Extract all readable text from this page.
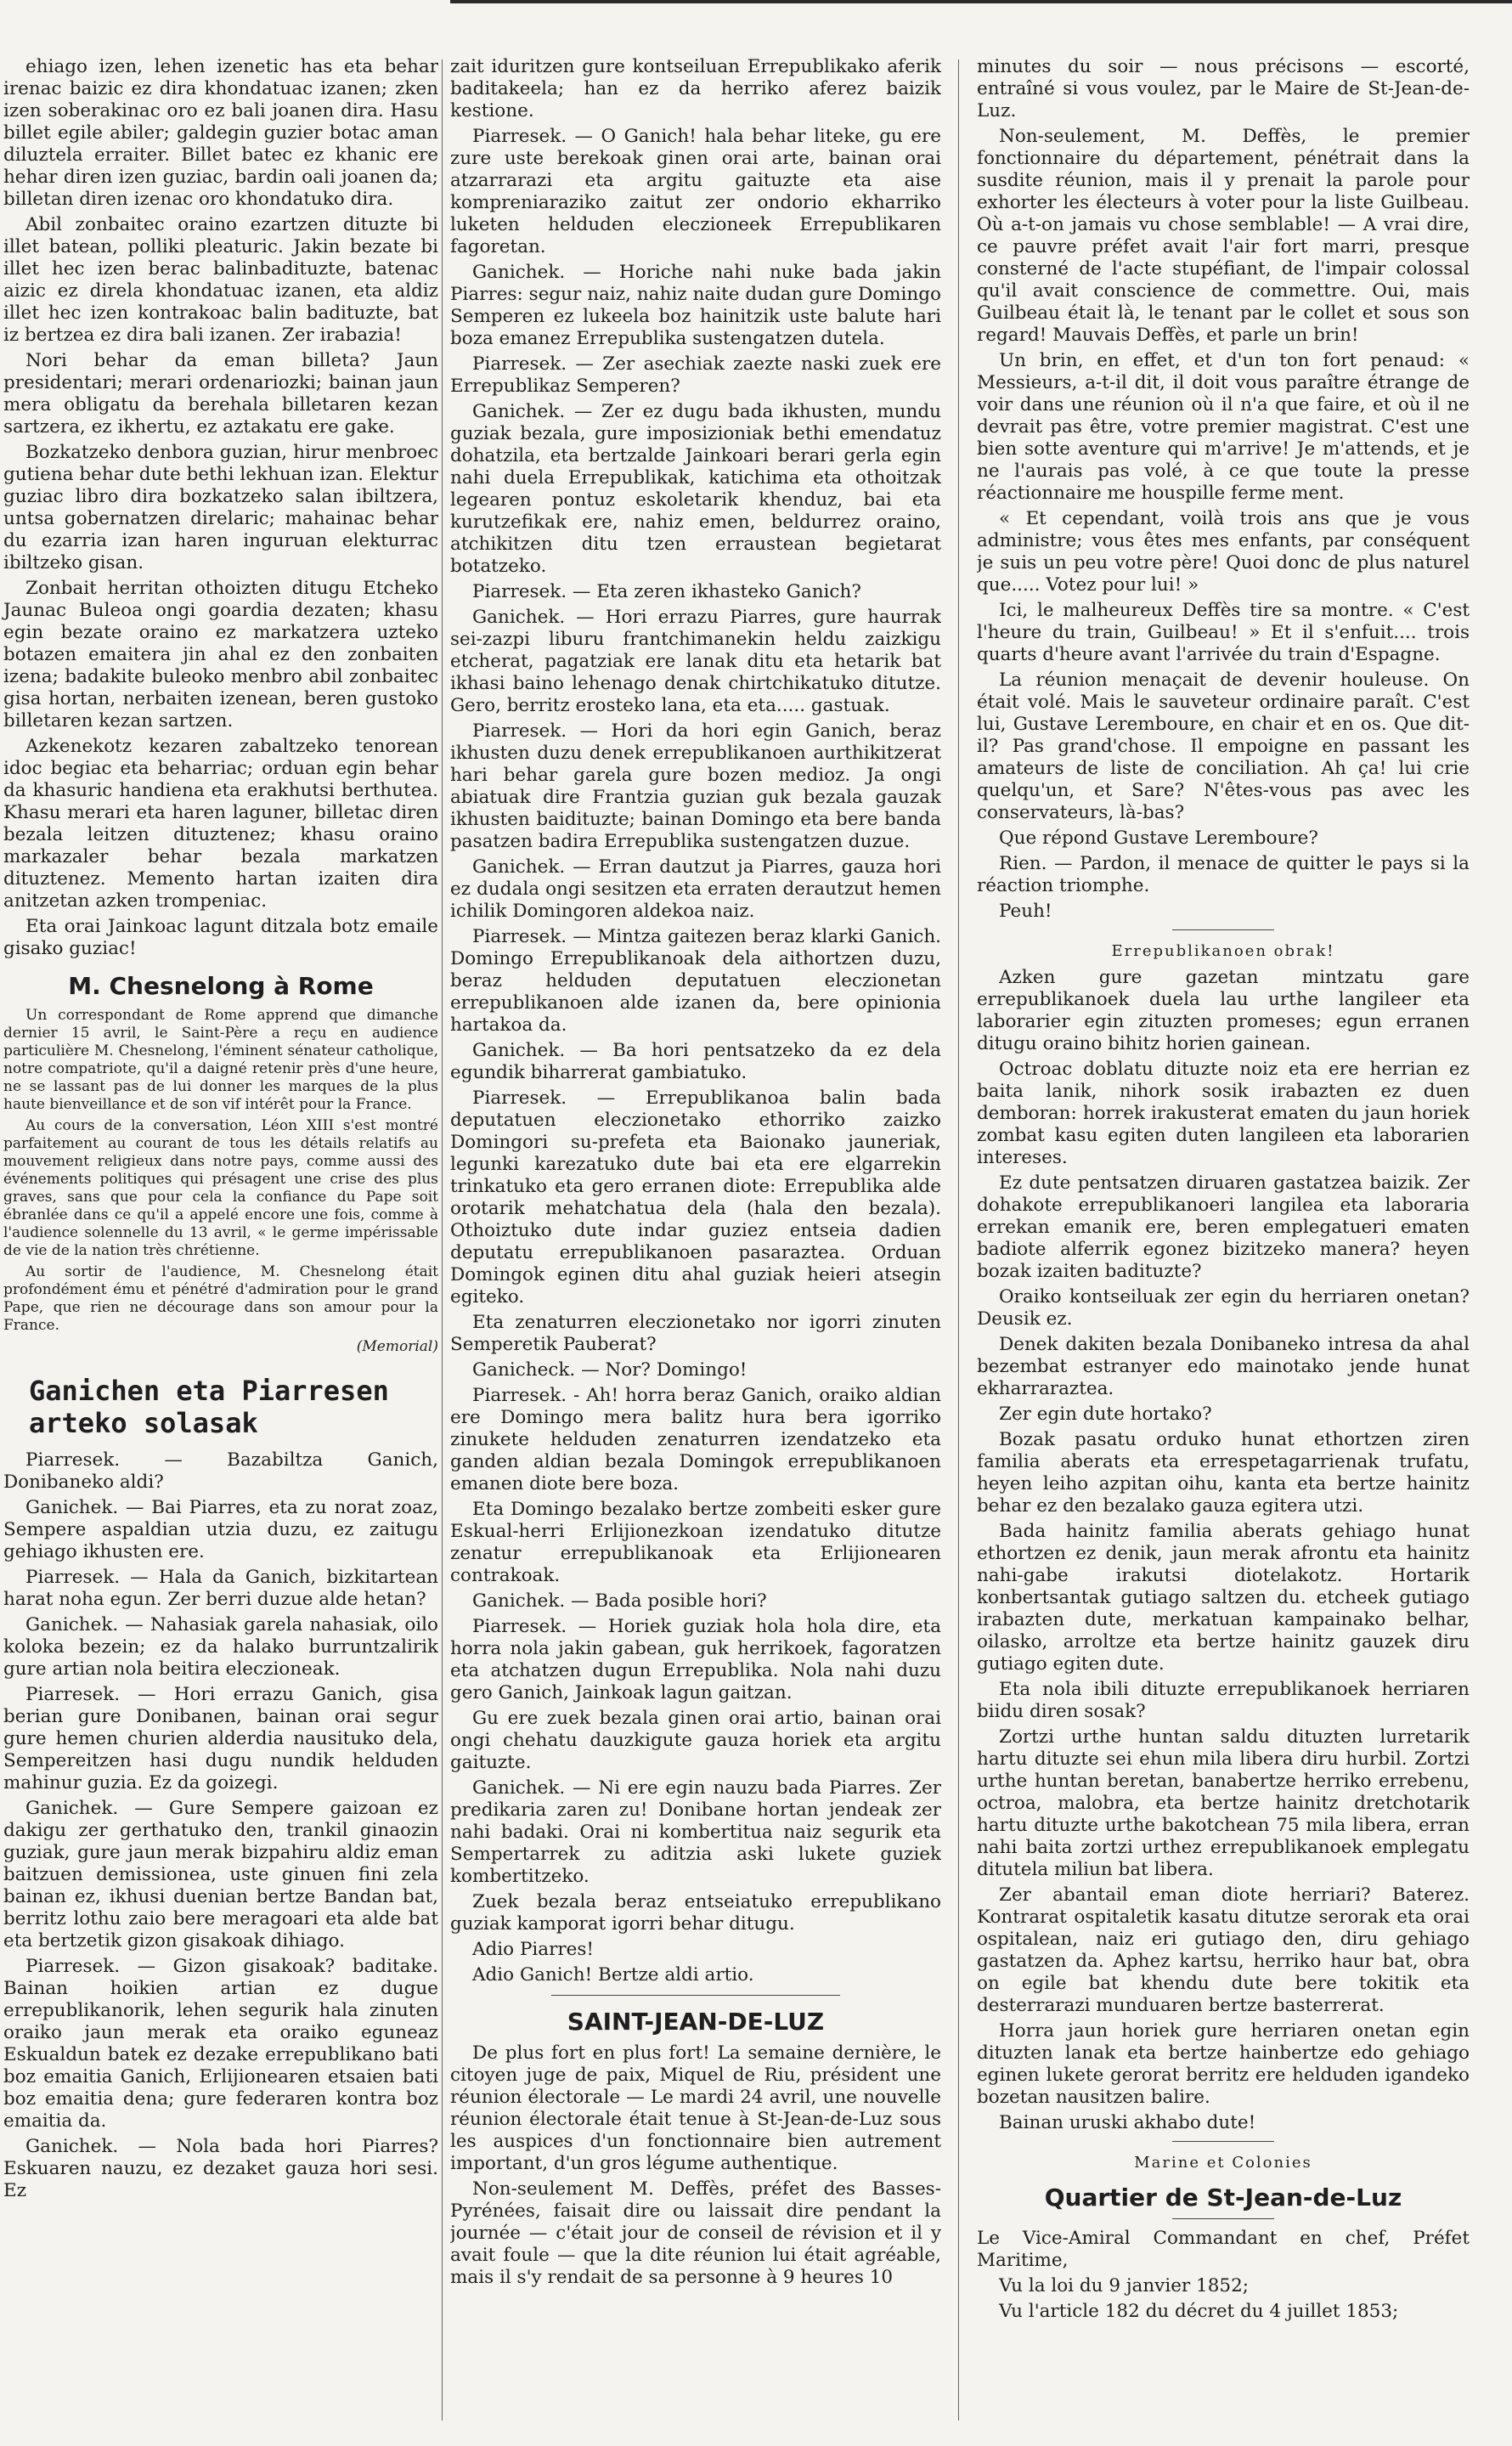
ehiago izen, lehen izenetic has eta behar irenac baizic ez dira khondatuac izanen; zken izen soberakinac oro ez bali joanen dira. Hasu billet egile abiler; galdegin guzier botac aman diluztela erraiter. Billet batec ez khanic ere hehar diren izen guziac, bardin oali joanen da; billetan diren izenac oro khondatuko dira.

Abil zonbaitec oraino ezartzen dituzte bi illet batean, polliki pleaturic. Jakin bezate bi illet hec izen berac balinbadituzte, batenac aizic ez direla khondatuac izanen, eta aldiz illet hec izen kontrakoac balin badituzte, bat iz bertzea ez dira bali izanen. Zer irabazia!

Nori behar da eman billeta? Jaun presidentari; merari ordenariozki; bainan jaun mera obligatu da berehala billetaren kezan sartzera, ez ikhertu, ez aztakatu ere gake.

Bozkatzeko denbora guzian, hirur menbroec gutiena behar dute bethi lekhuan izan. Elektur guziac libro dira bozkatzeko salan ibiltzera, untsa gobernatzen direlaric; mahainac behar du ezarria izan haren inguruan elekturrac ibiltzeko gisan.

Zonbait herritan othoizten ditugu Etcheko Jaunac Buleoa ongi goardia dezaten; khasu egin bezate oraino ez markatzera uzteko botazen emaitera jin ahal ez den zonbaiten izena; badakite buleoko menbro abil zonbaitec gisa hortan, nerbaiten izenean, beren gustoko billetaren kezan sartzen.

Azkenekotz kezaren zabaltzeko tenorean idoc begiac eta beharriac; orduan egin behar da khasuric handiena eta erakhutsi berthutea. Khasu merari eta haren laguner, billetac diren bezala leitzen dituztenez; khasu oraino markazaler behar bezala markatzen dituztenez. Memento hartan izaiten dira anitzetan azken trompeniac.

Eta orai Jainkoac lagunt ditzala botz emaile gisako guziac!

M. Chesnelong à Rome

Un correspondant de Rome apprend que dimanche dernier 15 avril, le Saint-Père a reçu en audience particulière M. Chesnelong, l'éminent sénateur catholique, notre compatriote, qu'il a daigné retenir près d'une heure, ne se lassant pas de lui donner les marques de la plus haute bienveillance et de son vif intérêt pour la France.

Au cours de la conversation, Léon XIII s'est montré parfaitement au courant de tous les détails relatifs au mouvement religieux dans notre pays, comme aussi des événements politiques qui présagent une crise des plus graves, sans que pour cela la confiance du Pape soit ébranlée dans ce qu'il a appelé encore une fois, comme à l'audience solennelle du 13 avril, « le germe impérissable de vie de la nation très chrétienne.

Au sortir de l'audience, M. Chesnelong était profondément ému et pénétré d'admiration pour le grand Pape, que rien ne décourage dans son amour pour la France.

(Memorial)

Ganichen eta Piarresen arteko solasak

Piarresek. — Bazabiltza Ganich, Donibaneko aldi?

Ganichek. — Bai Piarres, eta zu norat zoaz, Sempere aspaldian utzia duzu, ez zaitugu gehiago ikhusten ere.

Piarresek. — Hala da Ganich, bizkitartean harat noha egun. Zer berri duzue alde hetan?

Ganichek. — Nahasiak garela nahasiak, oilo koloka bezein; ez da halako burruntzalirik gure artian nola beitira eleczioneak.

Piarresek. — Hori errazu Ganich, gisa berian gure Donibanen, bainan orai segur gure hemen churien alderdia nausituko dela, Sempereitzen hasi dugu nundik helduden mahinur guzia. Ez da goizegi.

Ganichek. — Gure Sempere gaizoan ez dakigu zer gerthatuko den, trankil ginaozin guziak, gure jaun merak bizpahiru aldiz eman baitzuen demissionea, uste ginuen fini zela bainan ez, ikhusi duenian bertze Bandan bat, berritz lothu zaio bere meragoari eta alde bat eta bertzetik gizon gisakoak dihiago.

Piarresek. — Gizon gisakoak? baditake. Bainan hoikien artian ez dugue errepublikanorik, lehen segurik hala zinuten oraiko jaun merak eta oraiko eguneaz Eskualdun batek ez dezake errepublikano bati boz emaitia Ganich, Erlijionearen etsaien bati boz emaitia dena; gure federaren kontra boz emaitia da.

Ganichek. — Nola bada hori Piarres? Eskuaren nauzu, ez dezaket gauza hori sesi. Ez

zait iduritzen gure kontseiluan Errepublikako aferik baditakeela; han ez da herriko aferez baizik kestione.

Piarresek. — O Ganich! hala behar liteke, gu ere zure uste berekoak ginen orai arte, bainan orai atzarrarazi eta argitu gaituzte eta aise kompreniaraziko zaitut zer ondorio ekharriko luketen helduden eleczioneek Errepublikaren fagoretan.

Ganichek. — Horiche nahi nuke bada jakin Piarres: segur naiz, nahiz naite dudan gure Domingo Semperen ez lukeela boz hainitzik uste balute hari boza emanez Errepublika sustengatzen dutela.

Piarresek. — Zer asechiak zaezte naski zuek ere Errepublikaz Semperen?

Ganichek. — Zer ez dugu bada ikhusten, mundu guziak bezala, gure imposizioniak bethi emendatuz dohatzila, eta bertzalde Jainkoari berari gerla egin nahi duela Errepublikak, katichima eta othoitzak legearen pontuz eskoletarik khenduz, bai eta kurutzefikak ere, nahiz emen, beldurrez oraino, atchikitzen ditu tzen erraustean begietarat botatzeko.

Piarresek. — Eta zeren ikhasteko Ganich?

Ganichek. — Hori errazu Piarres, gure haurrak sei-zazpi liburu frantchimanekin heldu zaizkigu etcherat, pagatziak ere lanak ditu eta hetarik bat ikhasi baino lehenago denak chirtchikatuko ditutze. Gero, berritz erosteko lana, eta eta..... gastuak.

Piarresek. — Hori da hori egin Ganich, beraz ikhusten duzu denek errepublikanoen aurthikitzerat hari behar garela gure bozen medioz. Ja ongi abiatuak dire Frantzia guzian guk bezala gauzak ikhusten baidituzte; bainan Domingo eta bere banda pasatzen badira Errepublika sustengatzen duzue.

Ganichek. — Erran dautzut ja Piarres, gauza hori ez dudala ongi sesitzen eta erraten derautzut hemen ichilik Domingoren aldekoa naiz.

Piarresek. — Mintza gaitezen beraz klarki Ganich. Domingo Errepublikanoak dela aithortzen duzu, beraz helduden deputatuen eleczionetan errepublikanoen alde izanen da, bere opinionia hartakoa da.

Ganichek. — Ba hori pentsatzeko da ez dela egundik biharrerat gambiatuko.

Piarresek. — Errepublikanoa balin bada deputatuen eleczionetako ethorriko zaizko Domingori su-prefeta eta Baionako jauneriak, legunki karezatuko dute bai eta ere elgarrekin trinkatuko eta gero erranen diote: Errepublika alde orotarik mehatchatua dela (hala den bezala). Othoiztuko dute indar guziez entseia dadien deputatu errepublikanoen pasaraztea. Orduan Domingok eginen ditu ahal guziak heieri atsegin egiteko.

Eta zenaturren eleczionetako nor igorri zinuten Semperetik Pauberat?

Ganicheck. — Nor? Domingo!

Piarresek. - Ah! horra beraz Ganich, oraiko aldian ere Domingo mera balitz hura bera igorriko zinukete helduden zenaturren izendatzeko eta ganden aldian bezala Domingok errepublikanoen emanen diote bere boza.

Eta Domingo bezalako bertze zombeiti esker gure Eskual-herri Erlijionezkoan izendatuko ditutze zenatur errepublikanoak eta Erlijionearen contrakoak.

Ganichek. — Bada posible hori?

Piarresek. — Horiek guziak hola hola dire, eta horra nola jakin gabean, guk herrikoek, fagoratzen eta atchatzen dugun Errepublika. Nola nahi duzu gero Ganich, Jainkoak lagun gaitzan.

Gu ere zuek bezala ginen orai artio, bainan orai ongi chehatu dauzkigute gauza horiek eta argitu gaituzte.

Ganichek. — Ni ere egin nauzu bada Piarres. Zer predikaria zaren zu! Donibane hortan jendeak zer nahi badaki. Orai ni kombertitua naiz segurik eta Sempertarrek zu aditzia aski lukete guziek kombertitzeko.

Zuek bezala beraz entseiatuko errepublikano guziak kamporat igorri behar ditugu.

Adio Piarres!

Adio Ganich! Bertze aldi artio.

SAINT-JEAN-DE-LUZ

De plus fort en plus fort! La semaine dernière, le citoyen juge de paix, Miquel de Riu, président une réunion électorale — Le mardi 24 avril, une nouvelle réunion électorale était tenue à St-Jean-de-Luz sous les auspices d'un fonctionnaire bien autrement important, d'un gros légume authentique.

Non-seulement M. Deffès, préfet des Basses-Pyrénées, faisait dire ou laissait dire pendant la journée — c'était jour de conseil de révision et il y avait foule — que la dite réunion lui était agréable, mais il s'y rendait de sa personne à 9 heures 10

minutes du soir — nous précisons — escorté, entraîné si vous voulez, par le Maire de St-Jean-de-Luz.

Non-seulement, M. Deffès, le premier fonctionnaire du département, pénétrait dans la susdite réunion, mais il y prenait la parole pour exhorter les électeurs à voter pour la liste Guilbeau. Où a-t-on jamais vu chose semblable! — A vrai dire, ce pauvre préfet avait l'air fort marri, presque consterné de l'acte stupéfiant, de l'impair colossal qu'il avait conscience de commettre. Oui, mais Guilbeau était là, le tenant par le collet et sous son regard! Mauvais Deffès, et parle un brin!

Un brin, en effet, et d'un ton fort penaud: « Messieurs, a-t-il dit, il doit vous paraître étrange de voir dans une réunion où il n'a que faire, et où il ne devrait pas être, votre premier magistrat. C'est une bien sotte aventure qui m'arrive! Je m'attends, et je ne l'aurais pas volé, à ce que toute la presse réactionnaire me houspille ferme ment.

« Et cependant, voilà trois ans que je vous administre; vous êtes mes enfants, par conséquent je suis un peu votre père! Quoi donc de plus naturel que..... Votez pour lui! »

Ici, le malheureux Deffès tire sa montre. « C'est l'heure du train, Guilbeau! » Et il s'enfuit.... trois quarts d'heure avant l'arrivée du train d'Espagne.

La réunion menaçait de devenir houleuse. On était volé. Mais le sauveteur ordinaire paraît. C'est lui, Gustave Leremboure, en chair et en os. Que dit-il? Pas grand'chose. Il empoigne en passant les amateurs de liste de conciliation. Ah ça! lui crie quelqu'un, et Sare? N'êtes-vous pas avec les conservateurs, là-bas?

Que répond Gustave Leremboure?

Rien. — Pardon, il menace de quitter le pays si la réaction triomphe.

Peuh!

Errepublikanoen obrak!

Azken gure gazetan mintzatu gare errepublikanoek duela lau urthe langileer eta laborarier egin zituzten promeses; egun erranen ditugu oraino bihitz horien gainean.

Octroac doblatu dituzte noiz eta ere herrian ez baita lanik, nihork sosik irabazten ez duen demboran: horrek irakusterat ematen du jaun horiek zombat kasu egiten duten langileen eta laborarien intereses.

Ez dute pentsatzen diruaren gastatzea baizik. Zer dohakote errepublikanoeri langilea eta laboraria errekan emanik ere, beren emplegatueri ematen badiote alferrik egonez bizitzeko manera? heyen bozak izaiten badituzte?

Oraiko kontseiluak zer egin du herriaren onetan? Deusik ez.

Denek dakiten bezala Donibaneko intresa da ahal bezembat estranyer edo mainotako jende hunat ekharraraztea.

Zer egin dute hortako?

Bozak pasatu orduko hunat ethortzen ziren familia aberats eta errespetagarrienak trufatu, heyen leiho azpitan oihu, kanta eta bertze hainitz behar ez den bezalako gauza egitera utzi.

Bada hainitz familia aberats gehiago hunat ethortzen ez denik, jaun merak afrontu eta hainitz nahi-gabe irakutsi diotelakotz. Hortarik konbertsantak gutiago saltzen du. etcheek gutiago irabazten dute, merkatuan kampainako belhar, oilasko, arroltze eta bertze hainitz gauzek diru gutiago egiten dute.

Eta nola ibili dituzte errepublikanoek herriaren biidu diren sosak?

Zortzi urthe huntan saldu dituzten lurretarik hartu dituzte sei ehun mila libera diru hurbil. Zortzi urthe huntan beretan, banabertze herriko errebenu, octroa, malobra, eta bertze hainitz dretchotarik hartu dituzte urthe bakotchean 75 mila libera, erran nahi baita zortzi urthez errepublikanoek emplegatu ditutela miliun bat libera.

Zer abantail eman diote herriari? Baterez. Kontrarat ospitaletik kasatu ditutze serorak eta orai ospitalean, naiz eri gutiago den, diru gehiago gastatzen da. Aphez kartsu, herriko haur bat, obra on egile bat khendu dute bere tokitik eta desterrarazi munduaren bertze basterrerat.

Horra jaun horiek gure herriaren onetan egin dituzten lanak eta bertze hainbertze edo gehiago eginen lukete gerorat berritz ere helduden igandeko bozetan nausitzen balire.

Bainan uruski akhabo dute!

Marine et Colonies
Quartier de St-Jean-de-Luz

Le Vice-Amiral Commandant en chef, Préfet Maritime,

Vu la loi du 9 janvier 1852;

Vu l'article 182 du décret du 4 juillet 1853;
